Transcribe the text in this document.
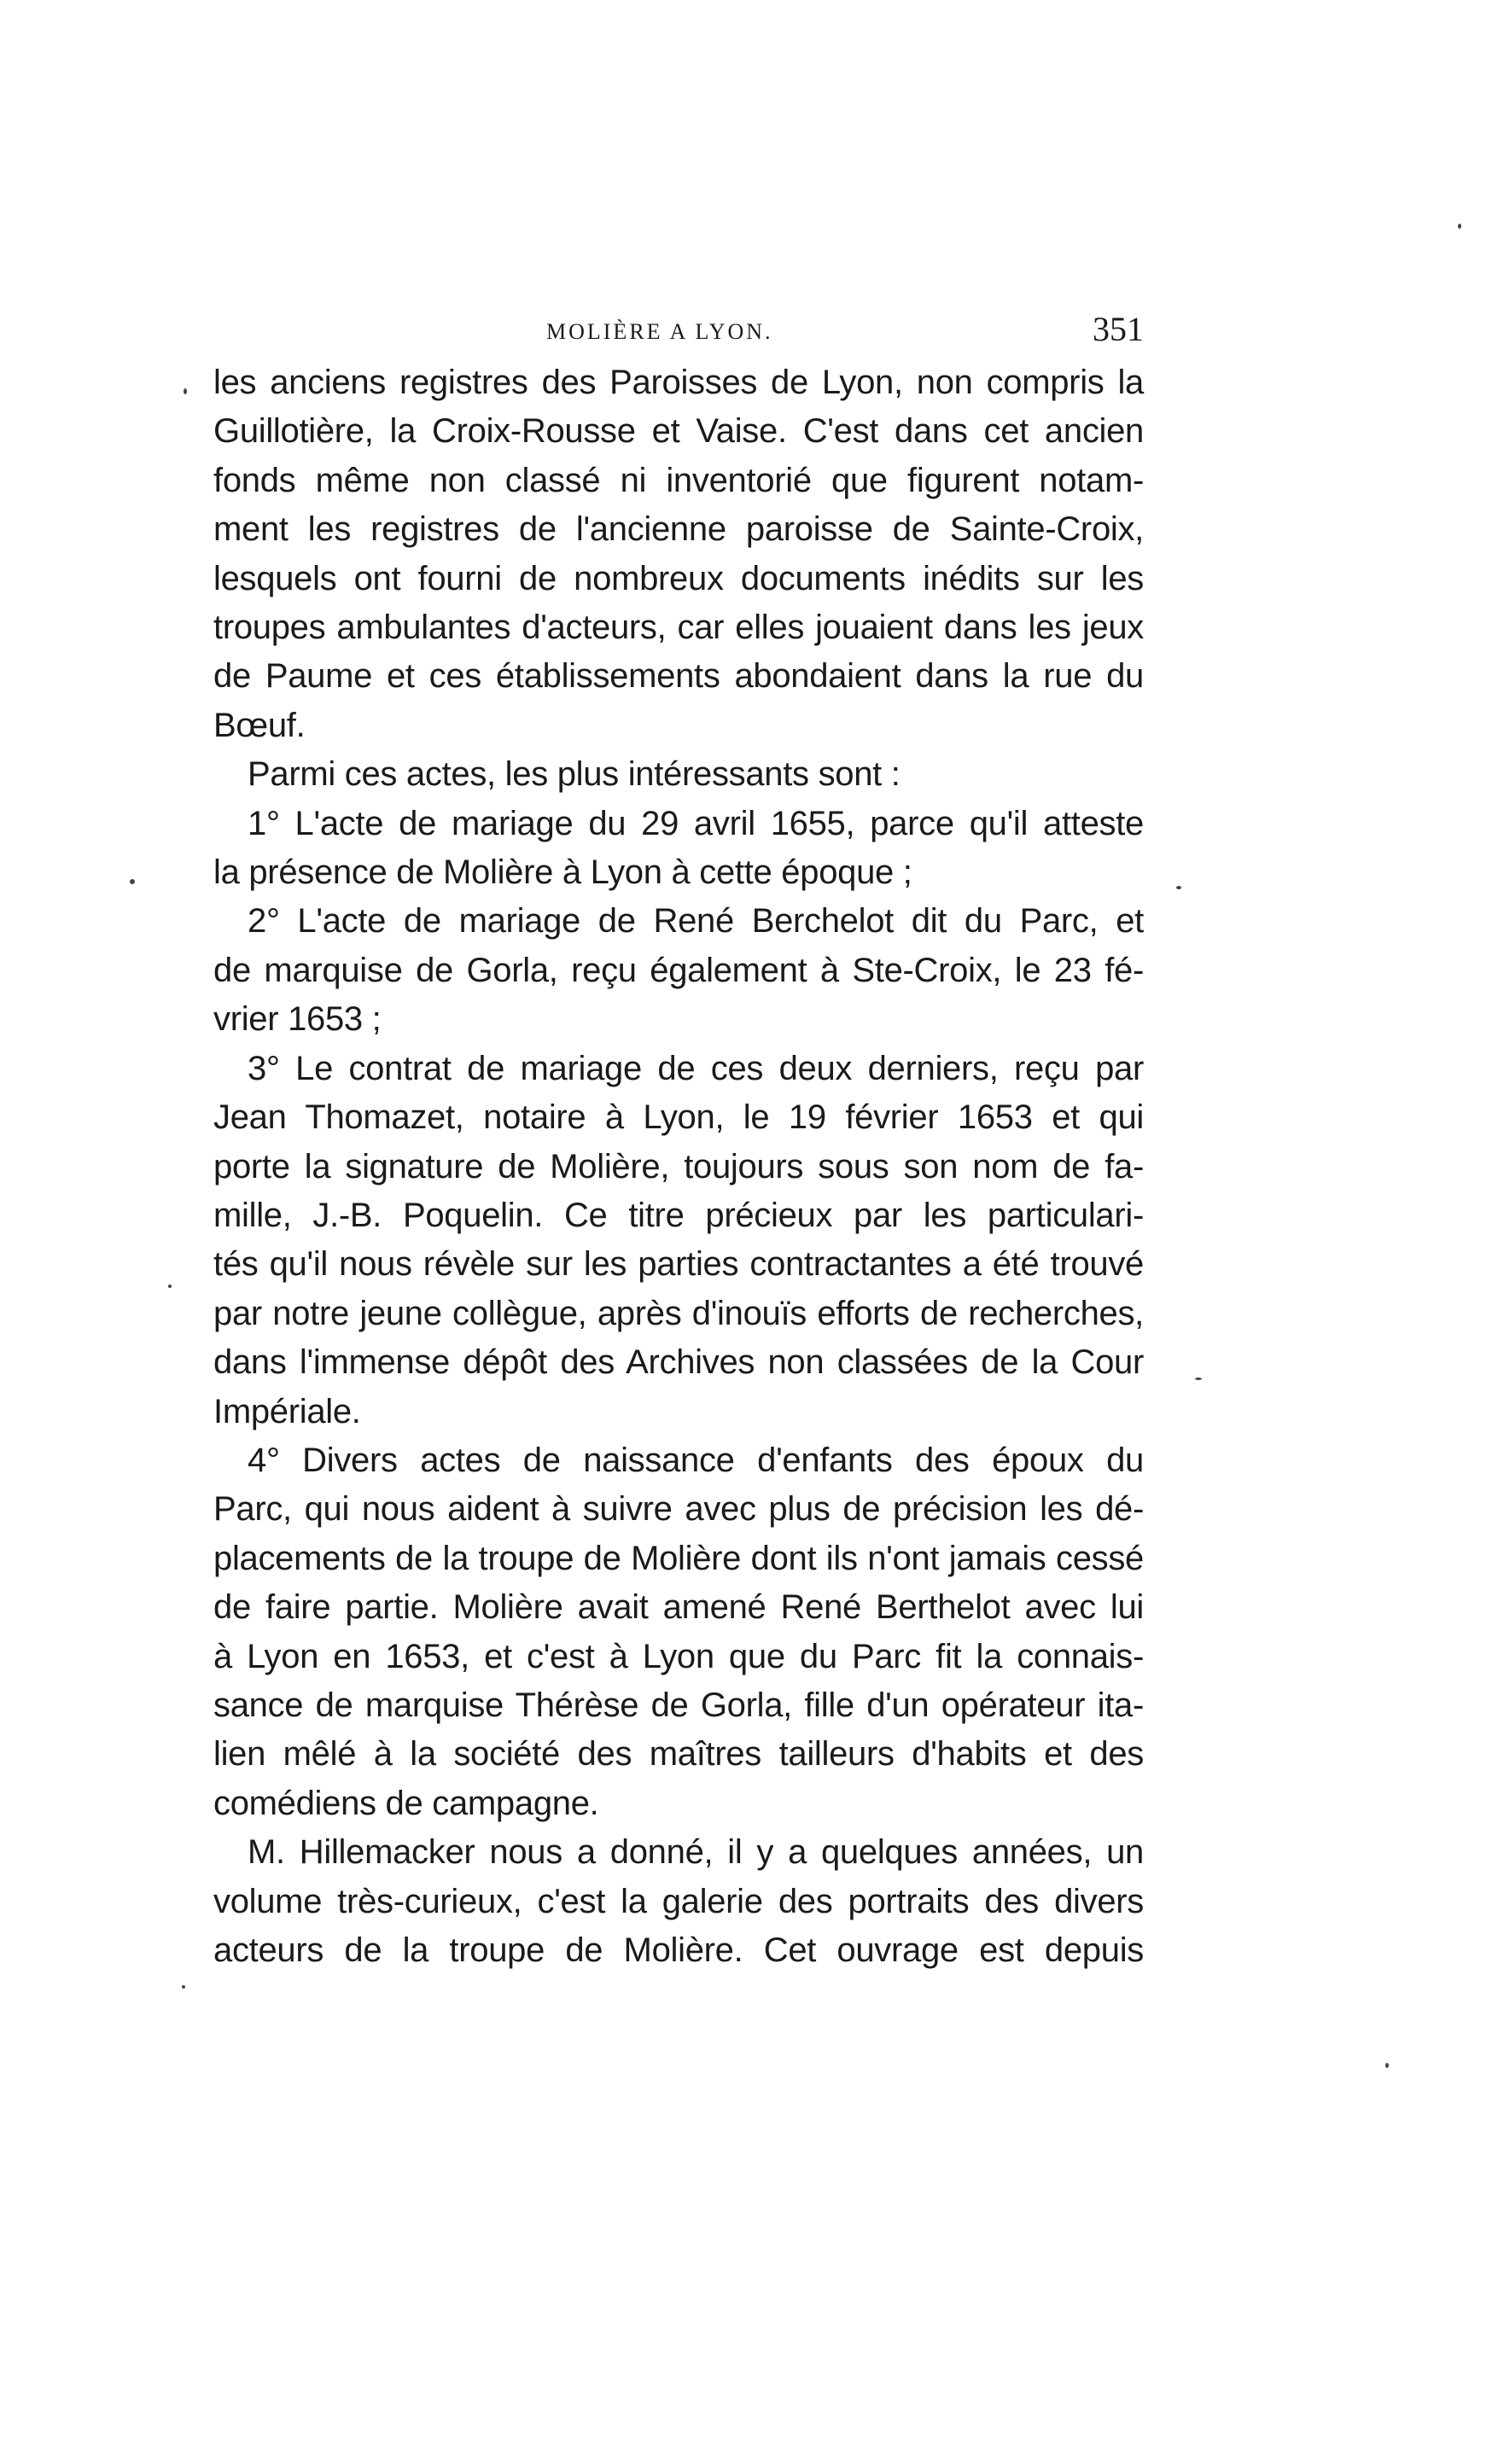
MOLIÈRE A LYON.	351

les anciens registres des Paroisses de Lyon, non compris la
Guillotière, la Croix-Rousse et Vaise. C'est dans cet ancien
fonds même non classé ni inventorié que figurent notam-
ment les registres de l'ancienne paroisse de Sainte-Croix,
lesquels ont fourni de nombreux documents inédits sur les
troupes ambulantes d'acteurs, car elles jouaient dans les jeux
de Paume et ces établissements abondaient dans la rue du
Bœuf.

Parmi ces actes, les plus intéressants sont :

1° L'acte de mariage du 29 avril 1655, parce qu'il atteste
la présence de Molière à Lyon à cette époque ;

2° L'acte de mariage de René Berchelot dit du Parc, et
de marquise de Gorla, reçu également à Ste-Croix, le 23 fé-
vrier 1653 ;

3° Le contrat de mariage de ces deux derniers, reçu par
Jean Thomazet, notaire à Lyon, le 19 février 1653 et qui
porte la signature de Molière, toujours sous son nom de fa-
mille, J.-B. Poquelin. Ce titre précieux par les particulari-
tés qu'il nous révèle sur les parties contractantes a été trouvé
par notre jeune collègue, après d'inouïs efforts de recherches,
dans l'immense dépôt des Archives non classées de la Cour
Impériale.

4° Divers actes de naissance d'enfants des époux du
Parc, qui nous aident à suivre avec plus de précision les dé-
placements de la troupe de Molière dont ils n'ont jamais cessé
de faire partie. Molière avait amené René Berthelot avec lui
à Lyon en 1653, et c'est à Lyon que du Parc fit la connais-
sance de marquise Thérèse de Gorla, fille d'un opérateur ita-
lien mêlé à la société des maîtres tailleurs d'habits et des
comédiens de campagne.

M. Hillemacker nous a donné, il y a quelques années, un
volume très-curieux, c'est la galerie des portraits des divers
acteurs de la troupe de Molière. Cet ouvrage est depuis
